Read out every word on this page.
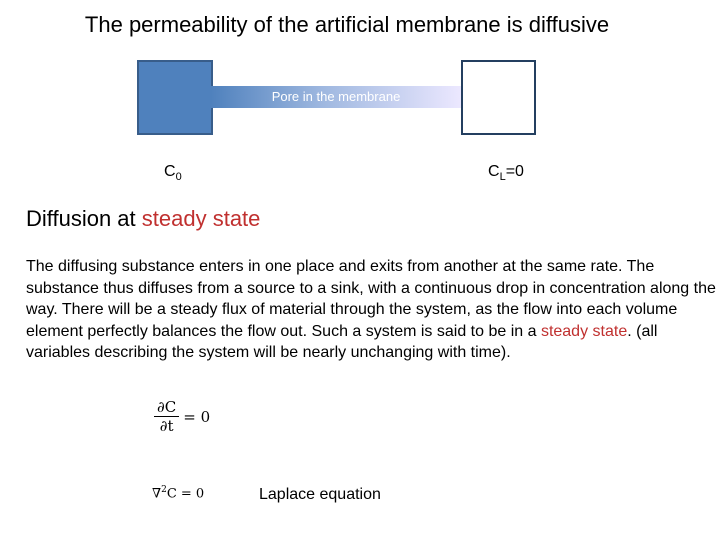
The permeability of the artificial membrane is diffusive
Pore in the membrane
$C_0$	$C_L=0$
Diffusion at steady state
The diffusing substance enters in one place and exits from another at the same rate. The substance thus diffuses from a source to a sink, with a continuous drop in concentration along the way. There will be a steady flux of material through the system, as the flow into each volume element perfectly balances the flow out. Such a system is said to be in a steady state. (all variables describing the system will be nearly unchanging with time).
$\frac{\partial C}{\partial t} = 0$
∇$^2$C = 0	Laplace equation
